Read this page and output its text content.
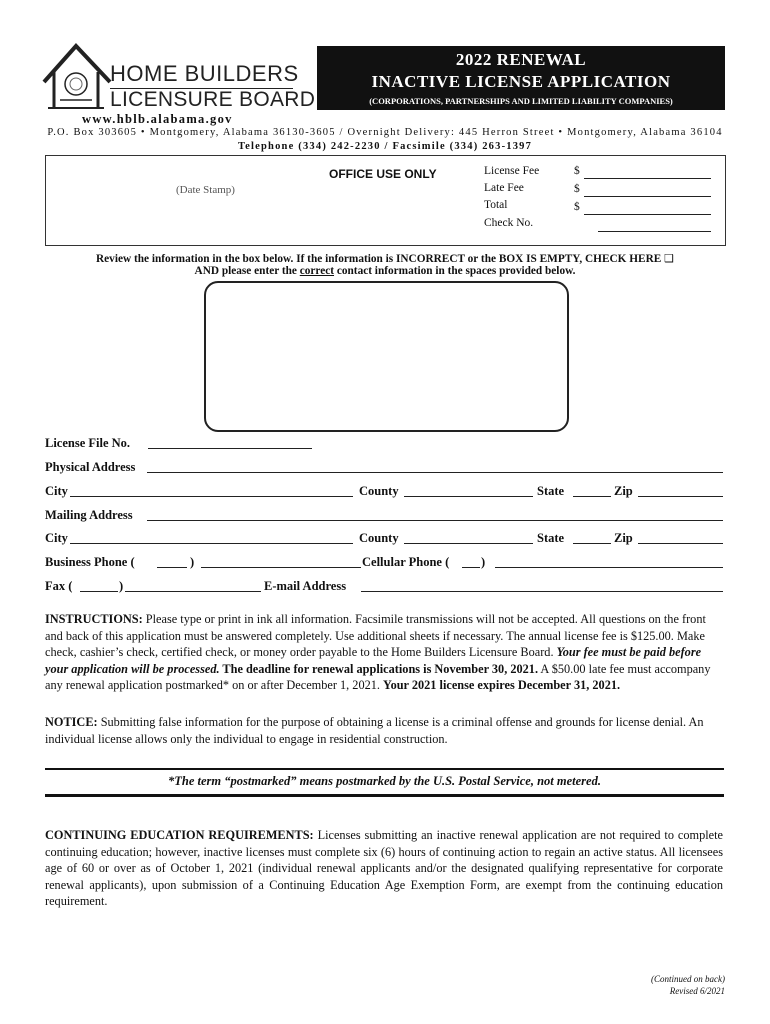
HOME BUILDERS
LICENSURE BOARD
www.hblb.alabama.gov
2022 RENEWAL
INACTIVE LICENSE APPLICATION
(CORPORATIONS, PARTNERSHIPS AND LIMITED LIABILITY COMPANIES)
P.O. Box 303605 • Montgomery, Alabama 36130-3605 / Overnight Delivery: 445 Herron Street • Montgomery, Alabama 36104
Telephone (334) 242-2230 / Facsimile (334) 263-1397
(Date Stamp)
OFFICE USE ONLY	License Fee	$
Late Fee	$
Total	$
Check No.
Review the information in the box below. If the information is INCORRECT or the BOX IS EMPTY, CHECK HERE ❑
AND please enter the correct contact information in the spaces provided below.
License File No.
Physical Address
City	County	State	Zip
Mailing Address
City	County	State	Zip
Business Phone (	)	Cellular Phone (	)
Fax (	)	E-mail Address
INSTRUCTIONS: Please type or print in ink all information. Facsimile transmissions will not be accepted. All questions on the front and back of this application must be answered completely. Use additional sheets if necessary. The annual license fee is $125.00. Make check, cashier’s check, certified check, or money order payable to the Home Builders Licensure Board. Your fee must be paid before your application will be processed. The deadline for renewal applications is November 30, 2021. A $50.00 late fee must accompany any renewal application postmarked* on or after December 1, 2021. Your 2021 license expires December 31, 2021.
NOTICE: Submitting false information for the purpose of obtaining a license is a criminal offense and grounds for license denial. An individual license allows only the individual to engage in residential construction.
*The term “postmarked” means postmarked by the U.S. Postal Service, not metered.
CONTINUING EDUCATION REQUIREMENTS: Licenses submitting an inactive renewal application are not required to complete continuing education; however, inactive licenses must complete six (6) hours of continuing action to regain an active status. All licensees age of 60 or over as of October 1, 2021 (individual renewal applicants and/or the designated qualifying representative for corporate renewal applicants), upon submission of a Continuing Education Age Exemption Form, are exempt from the continuing education requirement.
(Continued on back)
Revised 6/2021
